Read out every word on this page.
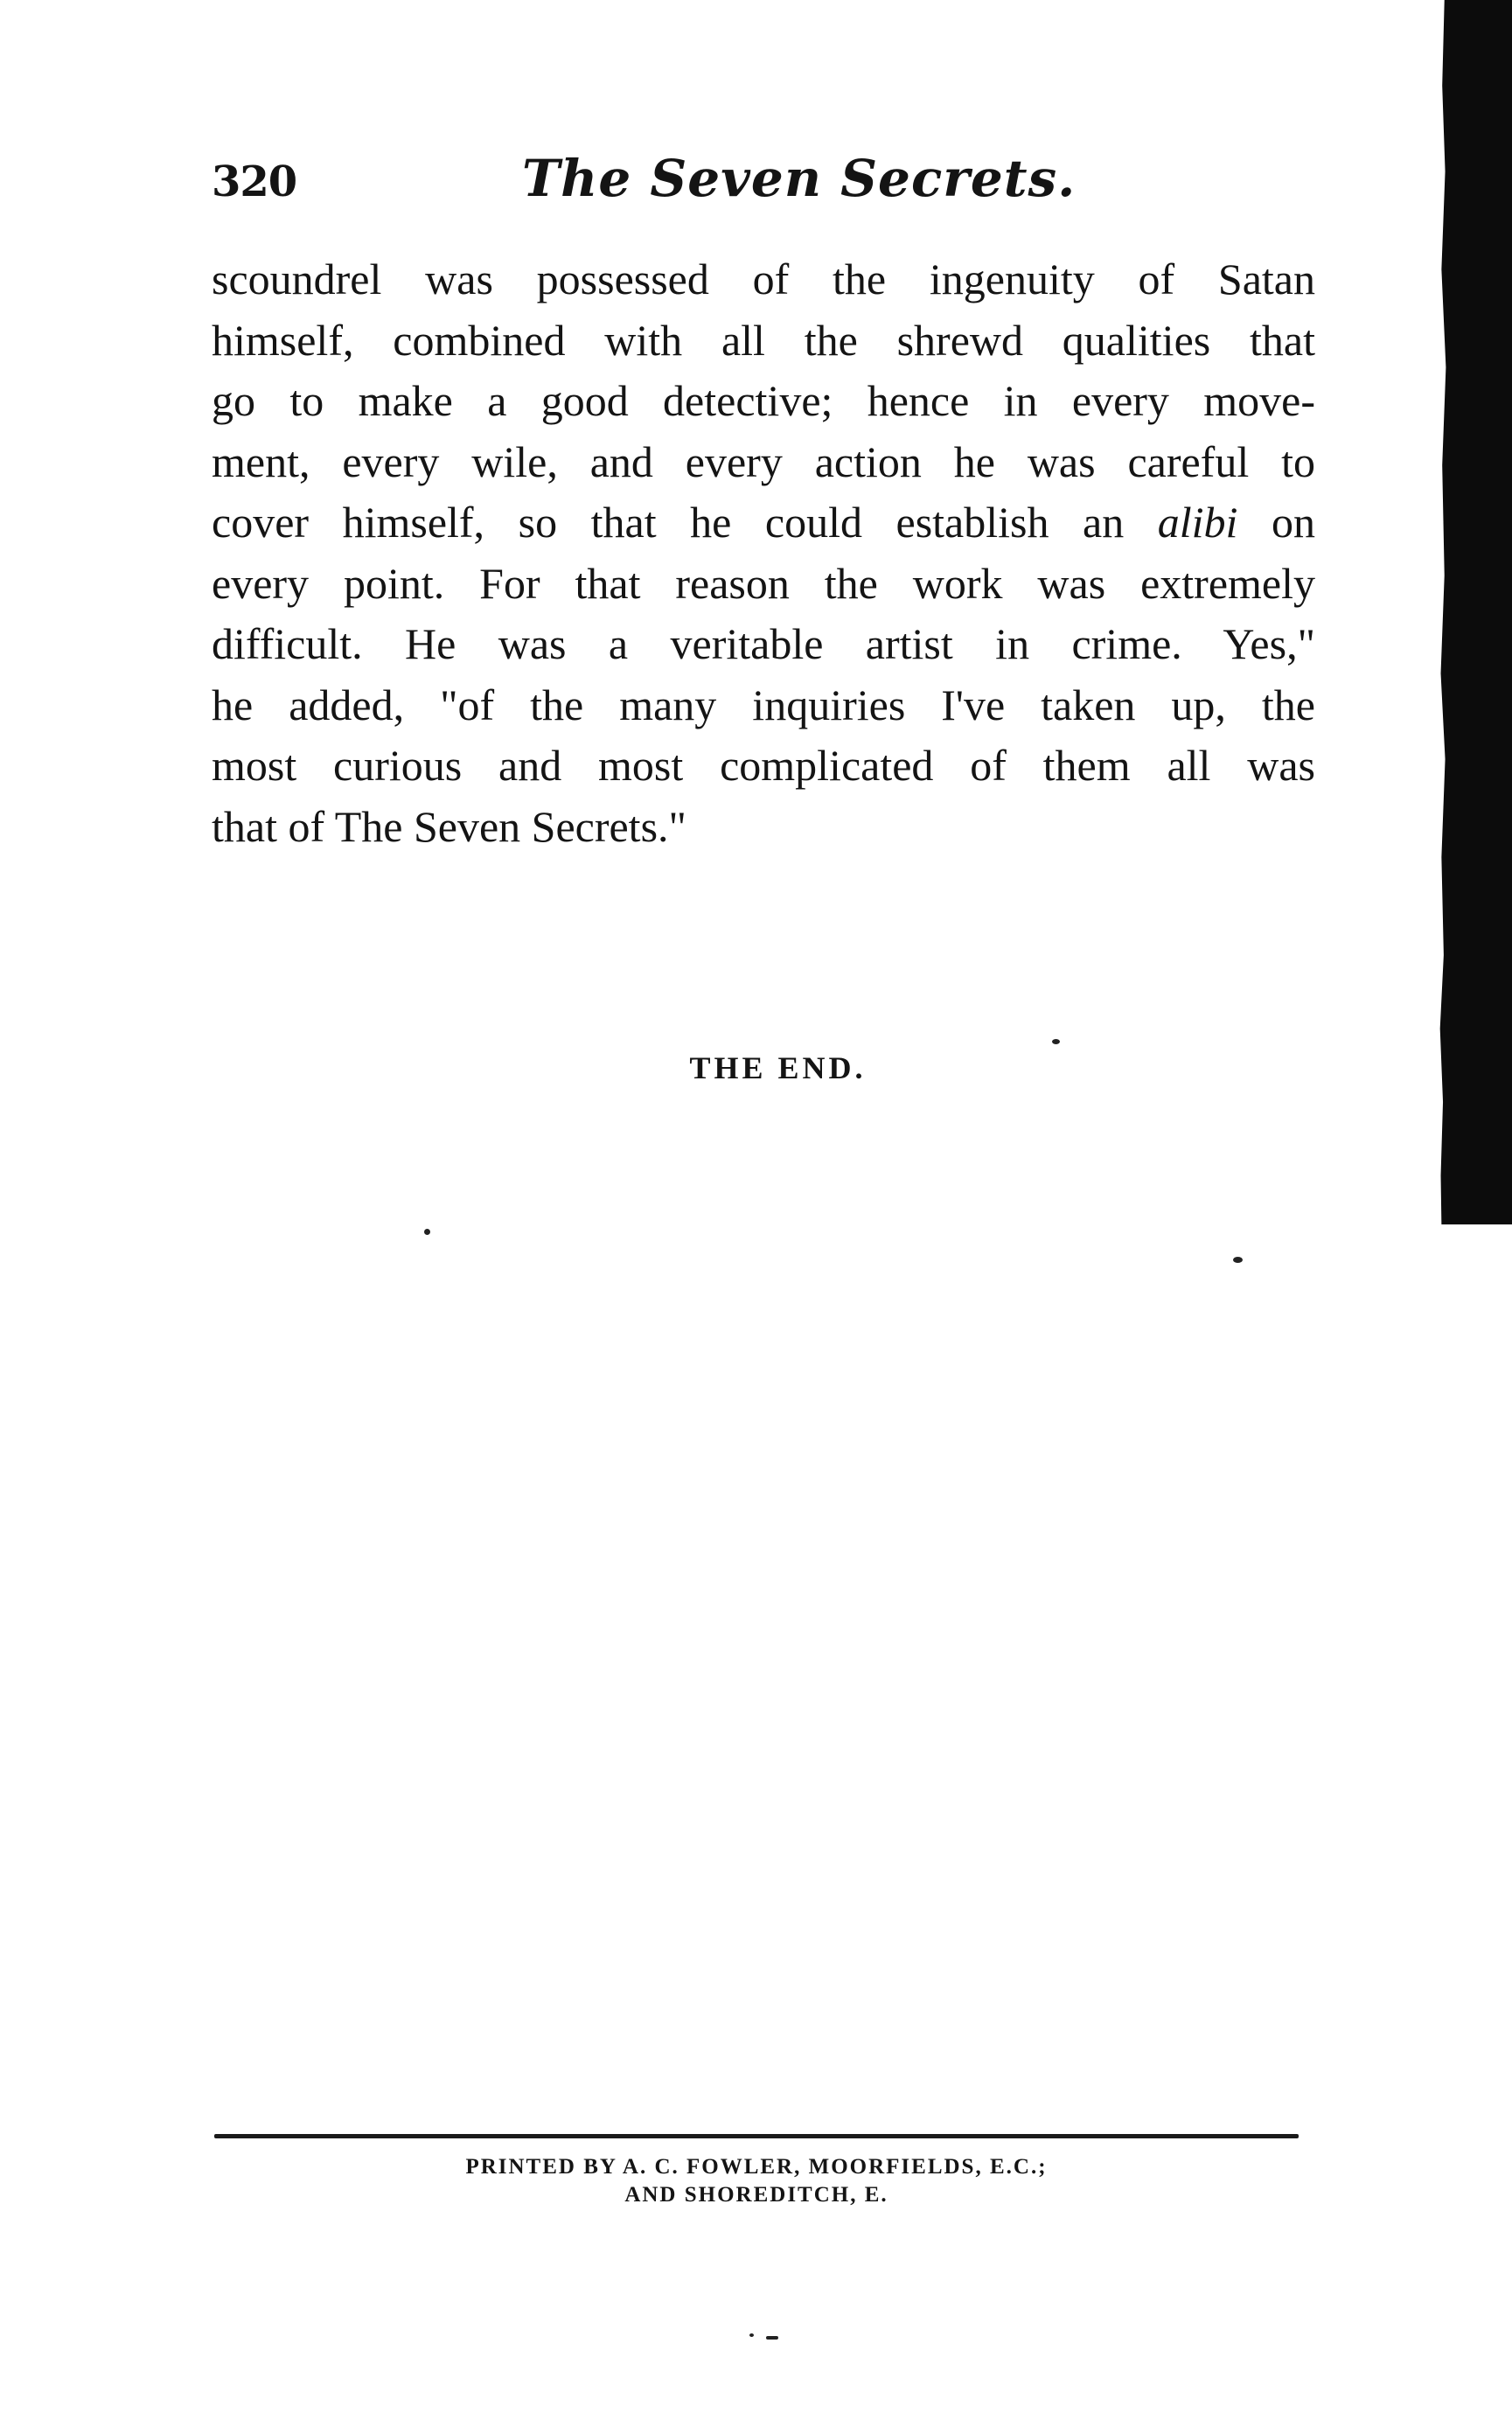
320	The Seven Secrets.
scoundrel was possessed of the ingenuity of Satan
himself, combined with all the shrewd qualities that
go to make a good detective; hence in every move-
ment, every wile, and every action he was careful to
cover himself, so that he could establish an alibi on
every point. For that reason the work was extremely
difficult. He was a veritable artist in crime. Yes,"
he added, "of the many inquiries I've taken up, the
most curious and most complicated of them all was
that of The Seven Secrets."
THE END.
PRINTED BY A. C. FOWLER, MOORFIELDS, E.C.;
AND SHOREDITCH, E.
